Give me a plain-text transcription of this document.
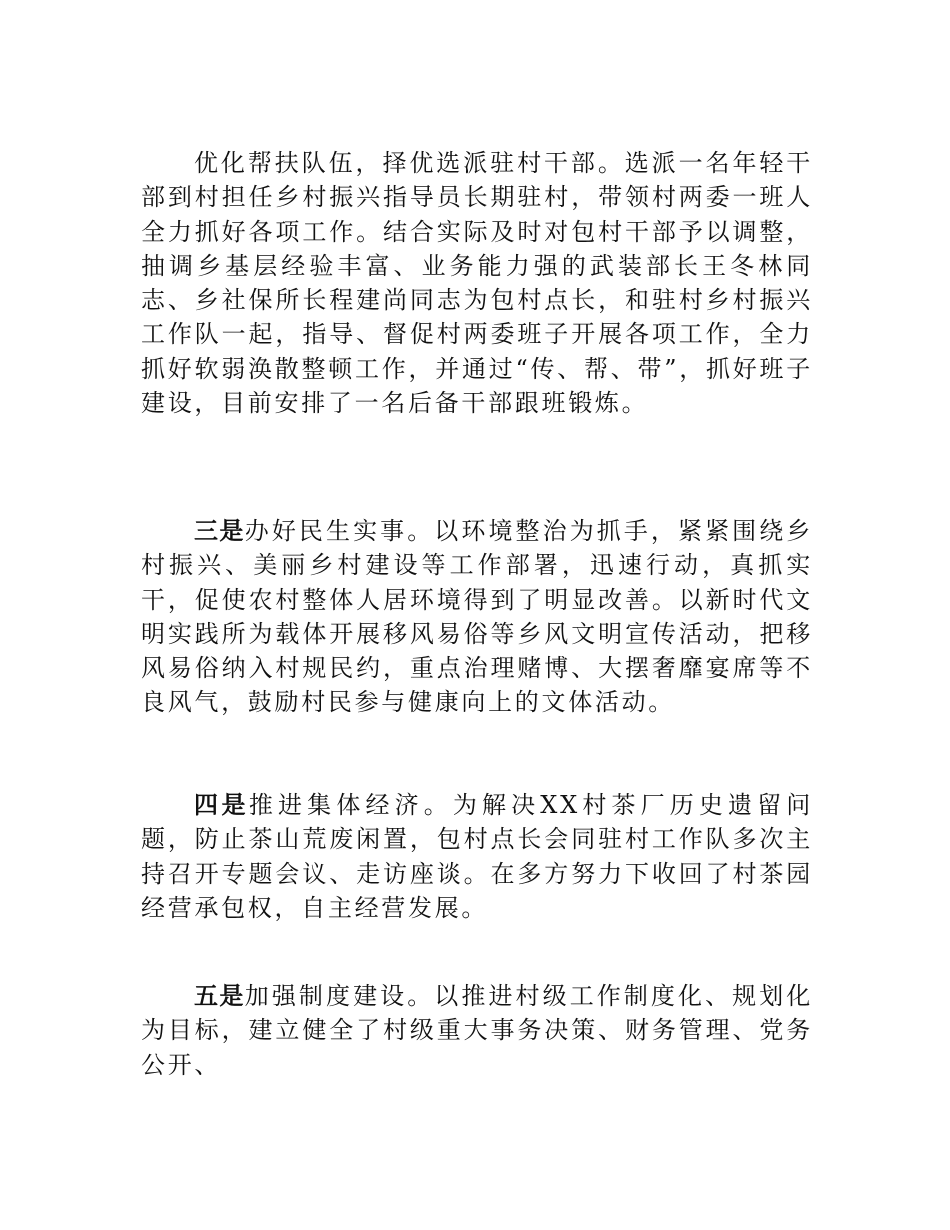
优化帮扶队伍，择优选派驻村干部。选派一名年轻干部到村担任乡村振兴指导员长期驻村，带领村两委一班人全力抓好各项工作。结合实际及时对包村干部予以调整，抽调乡基层经验丰富、业务能力强的武装部长王冬林同志、乡社保所长程建尚同志为包村点长，和驻村乡村振兴工作队一起，指导、督促村两委班子开展各项工作，全力抓好软弱涣散整顿工作，并通过“传、帮、带”，抓好班子建设，目前安排了一名后备干部跟班锻炼。

三是办好民生实事。以环境整治为抓手，紧紧围绕乡村振兴、美丽乡村建设等工作部署，迅速行动，真抓实干，促使农村整体人居环境得到了明显改善。以新时代文明实践所为载体开展移风易俗等乡风文明宣传活动，把移风易俗纳入村规民约，重点治理赌博、大摆奢靡宴席等不良风气，鼓励村民参与健康向上的文体活动。

四是推进集体经济。为解决XX村茶厂历史遗留问题，防止茶山荒废闲置，包村点长会同驻村工作队多次主持召开专题会议、走访座谈。在多方努力下收回了村茶园经营承包权，自主经营发展。

五是加强制度建设。以推进村级工作制度化、规划化为目标，建立健全了村级重大事务决策、财务管理、党务公开、
